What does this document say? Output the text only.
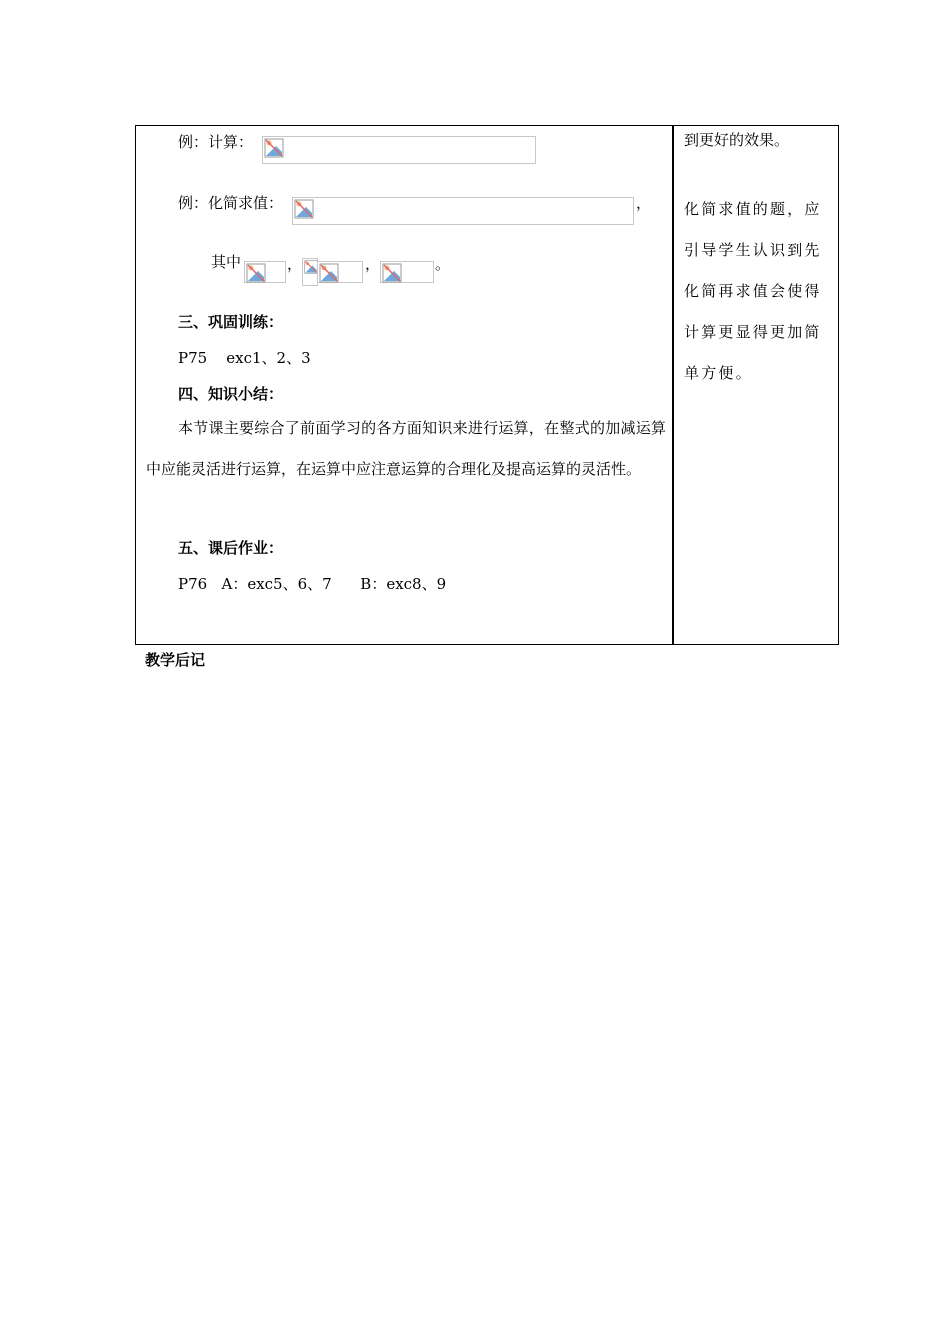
例：计算：
例：化简求值：	，
其中	，	，	。
三、巩固训练：
P75    exc1、2、3
四、知识小结：
本节课主要综合了前面学习的各方面知识来进行运算，在整式的加减运算中应能灵活进行运算，在运算中应注意运算的合理化及提高运算的灵活性。
五、课后作业：
P76   A：exc5、6、7      B：exc8、9
到更好的效果。
化简求值的题，应
引导学生认识到先
化简再求值会使得
计算更显得更加简
单方便。
教学后记
